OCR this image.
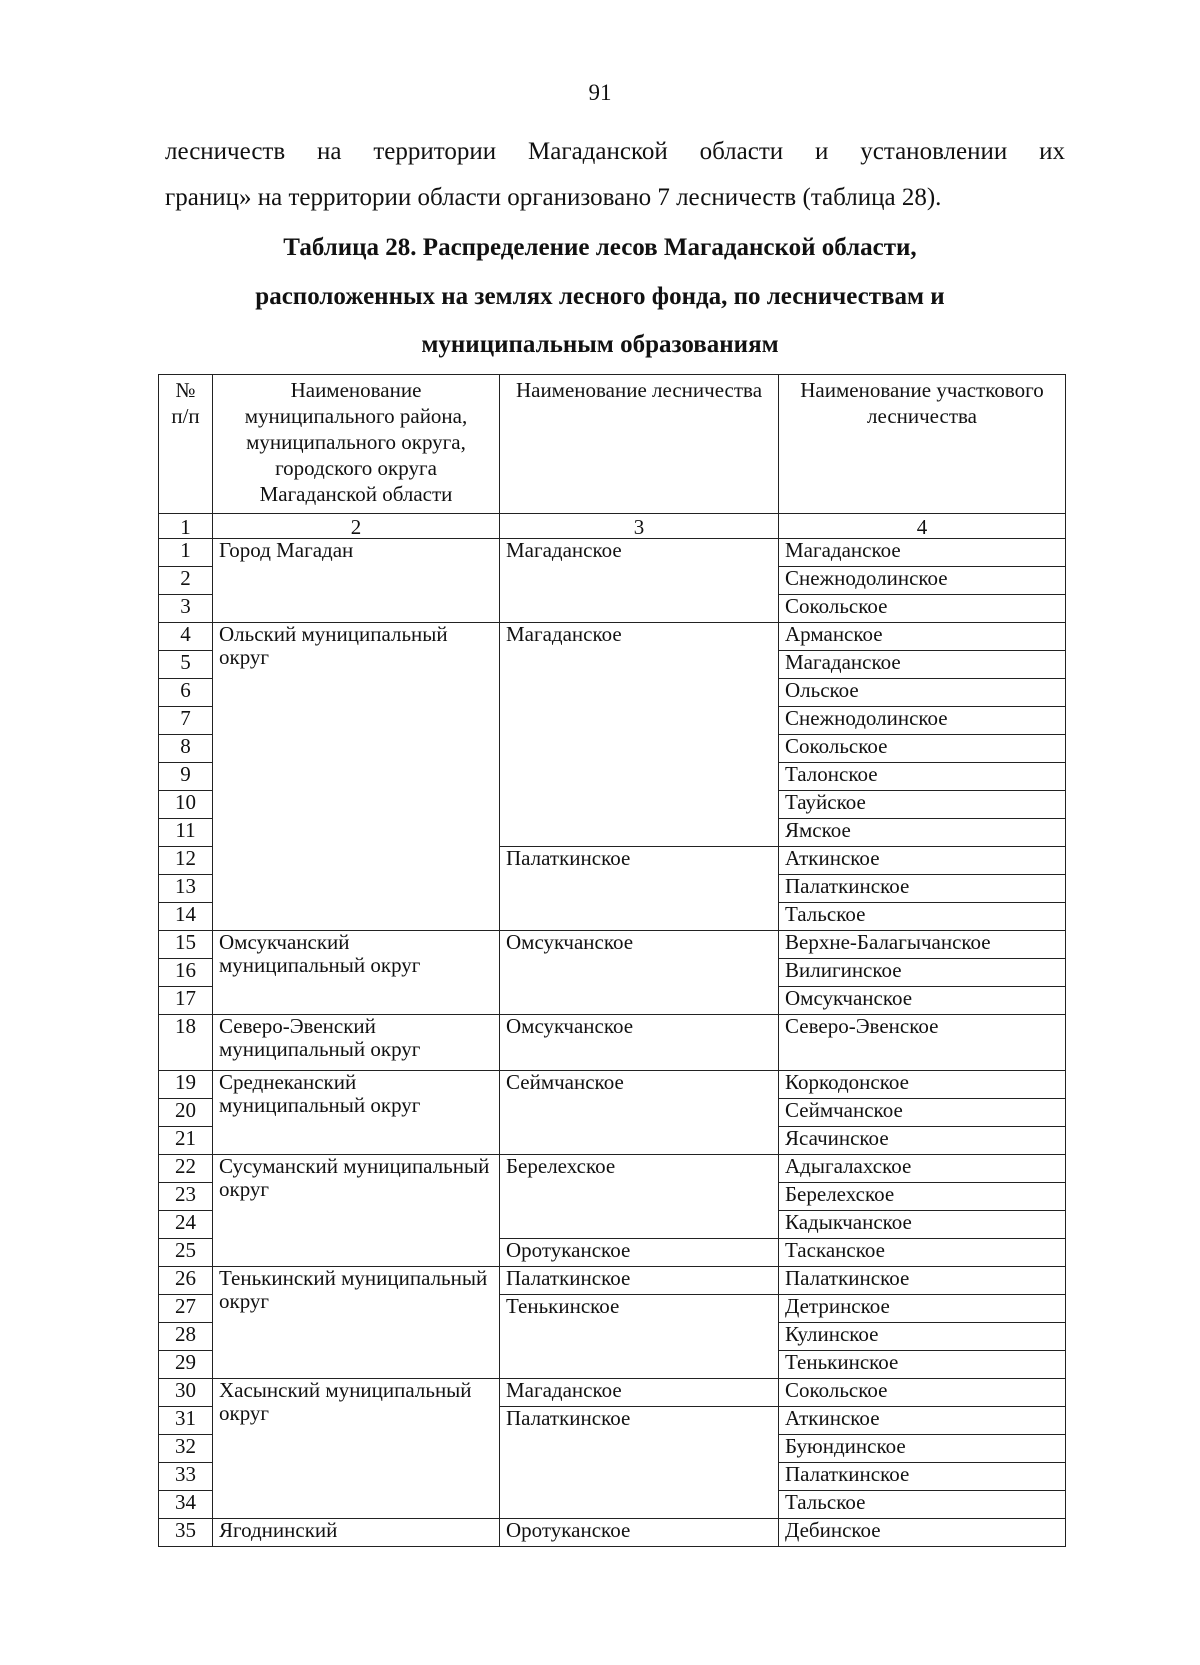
91
лесничеств на территории Магаданской области и установлении их
границ» на территории области организовано 7 лесничеств (таблица 28).
Таблица 28. Распределение лесов Магаданской области,
расположенных на землях лесного фонда, по лесничествам и
муниципальным образованиям
№ п/п	Наименование муниципального района, муниципального округа, городского округа Магаданской области	Наименование лесничества	Наименование участкового лесничества
1	2	3	4
1	Город Магадан	Магаданское	Магаданское
2			Снежнодолинское
3			Сокольское
4	Ольский муниципальный округ	Магаданское	Арманское
5			Магаданское
6			Ольское
7			Снежнодолинское
8			Сокольское
9			Талонское
10			Тауйское
11			Ямское
12		Палаткинское	Аткинское
13			Палаткинское
14			Тальское
15	Омсукчанский муниципальный округ	Омсукчанское	Верхне-Балагычанское
16			Вилигинское
17			Омсукчанское
18	Северо-Эвенский муниципальный округ	Омсукчанское	Северо-Эвенское
19	Среднеканский муниципальный округ	Сеймчанское	Коркодонское
20			Сеймчанское
21			Ясачинское
22	Сусуманский муниципальный округ	Берелехское	Адыгалахское
23			Берелехское
24			Кадыкчанское
25		Оротуканское	Тасканское
26	Тенькинский муниципальный округ	Палаткинское	Палаткинское
27		Тенькинское	Детринское
28			Кулинское
29			Тенькинское
30	Хасынский муниципальный округ	Магаданское	Сокольское
31		Палаткинское	Аткинское
32			Буюндинское
33			Палаткинское
34			Тальское
35	Ягоднинский	Оротуканское	Дебинское
